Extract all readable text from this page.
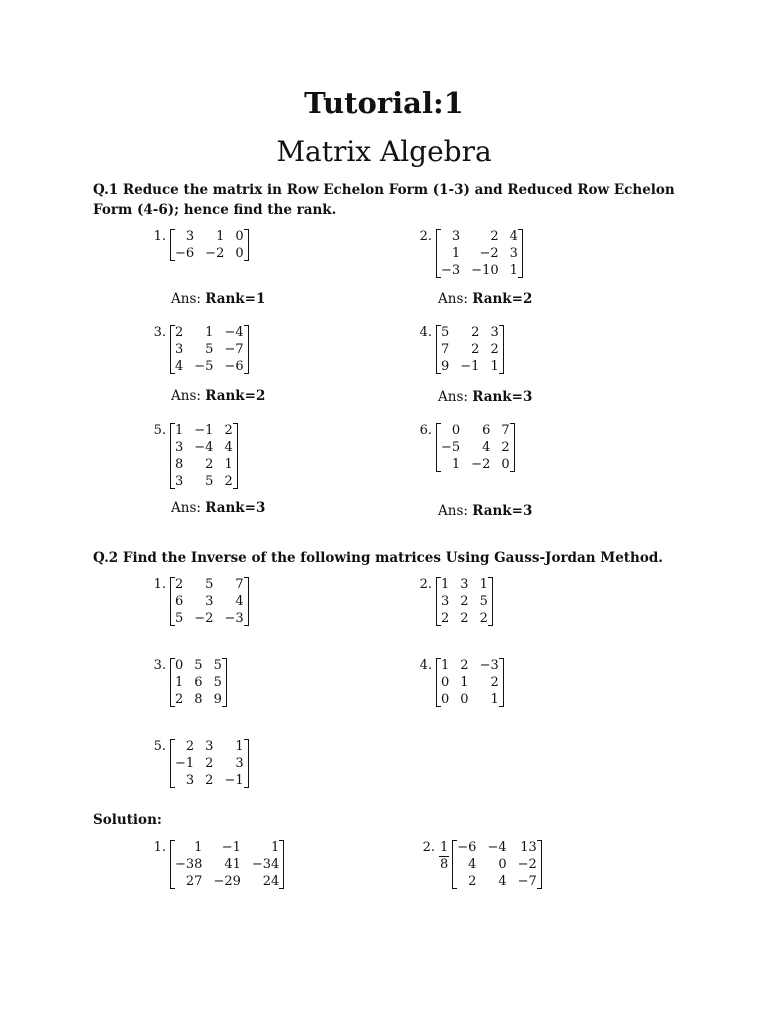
Tutorial:1
Matrix Algebra
Q.1 Reduce the matrix in Row Echelon Form (1-3) and Reduced Row Echelon Form (4-6); hence find the rank.
1.	3	1 0
−6 −2 0
Ans: Rank=1
2.	3	2 4
1	−2 3
−3 −10 1
Ans: Rank=2
3. 2	1 −4
3	5 −7
4 −5 −6
Ans: Rank=2
4. 5	2 3
7	2 2
9 −1 1
Ans: Rank=3
5. 1 −1 2
3 −4 4
8	2 1
3	5 2
Ans: Rank=3
6.	0	6 7
−5	4 2
1 −2 0
Ans: Rank=3
Q.2 Find the Inverse of the following matrices Using Gauss-Jordan Method.
1. 2	5	7
6	3	4
5 −2 −3
2. 1 3 1
3 2 5
2 2 2
3. 0 5 5
1 6 5
2 8 9
4. 1 2 −3
0 1	2
0 0	1
5.	2 3	1
−1 2	3
3 2 −1
Solution:
1.	1	−1	1
−38	41 −34
27 −29	24
2. $\frac{1}{8} -6 -4$ 13
4	0 −2
2	4 −7
